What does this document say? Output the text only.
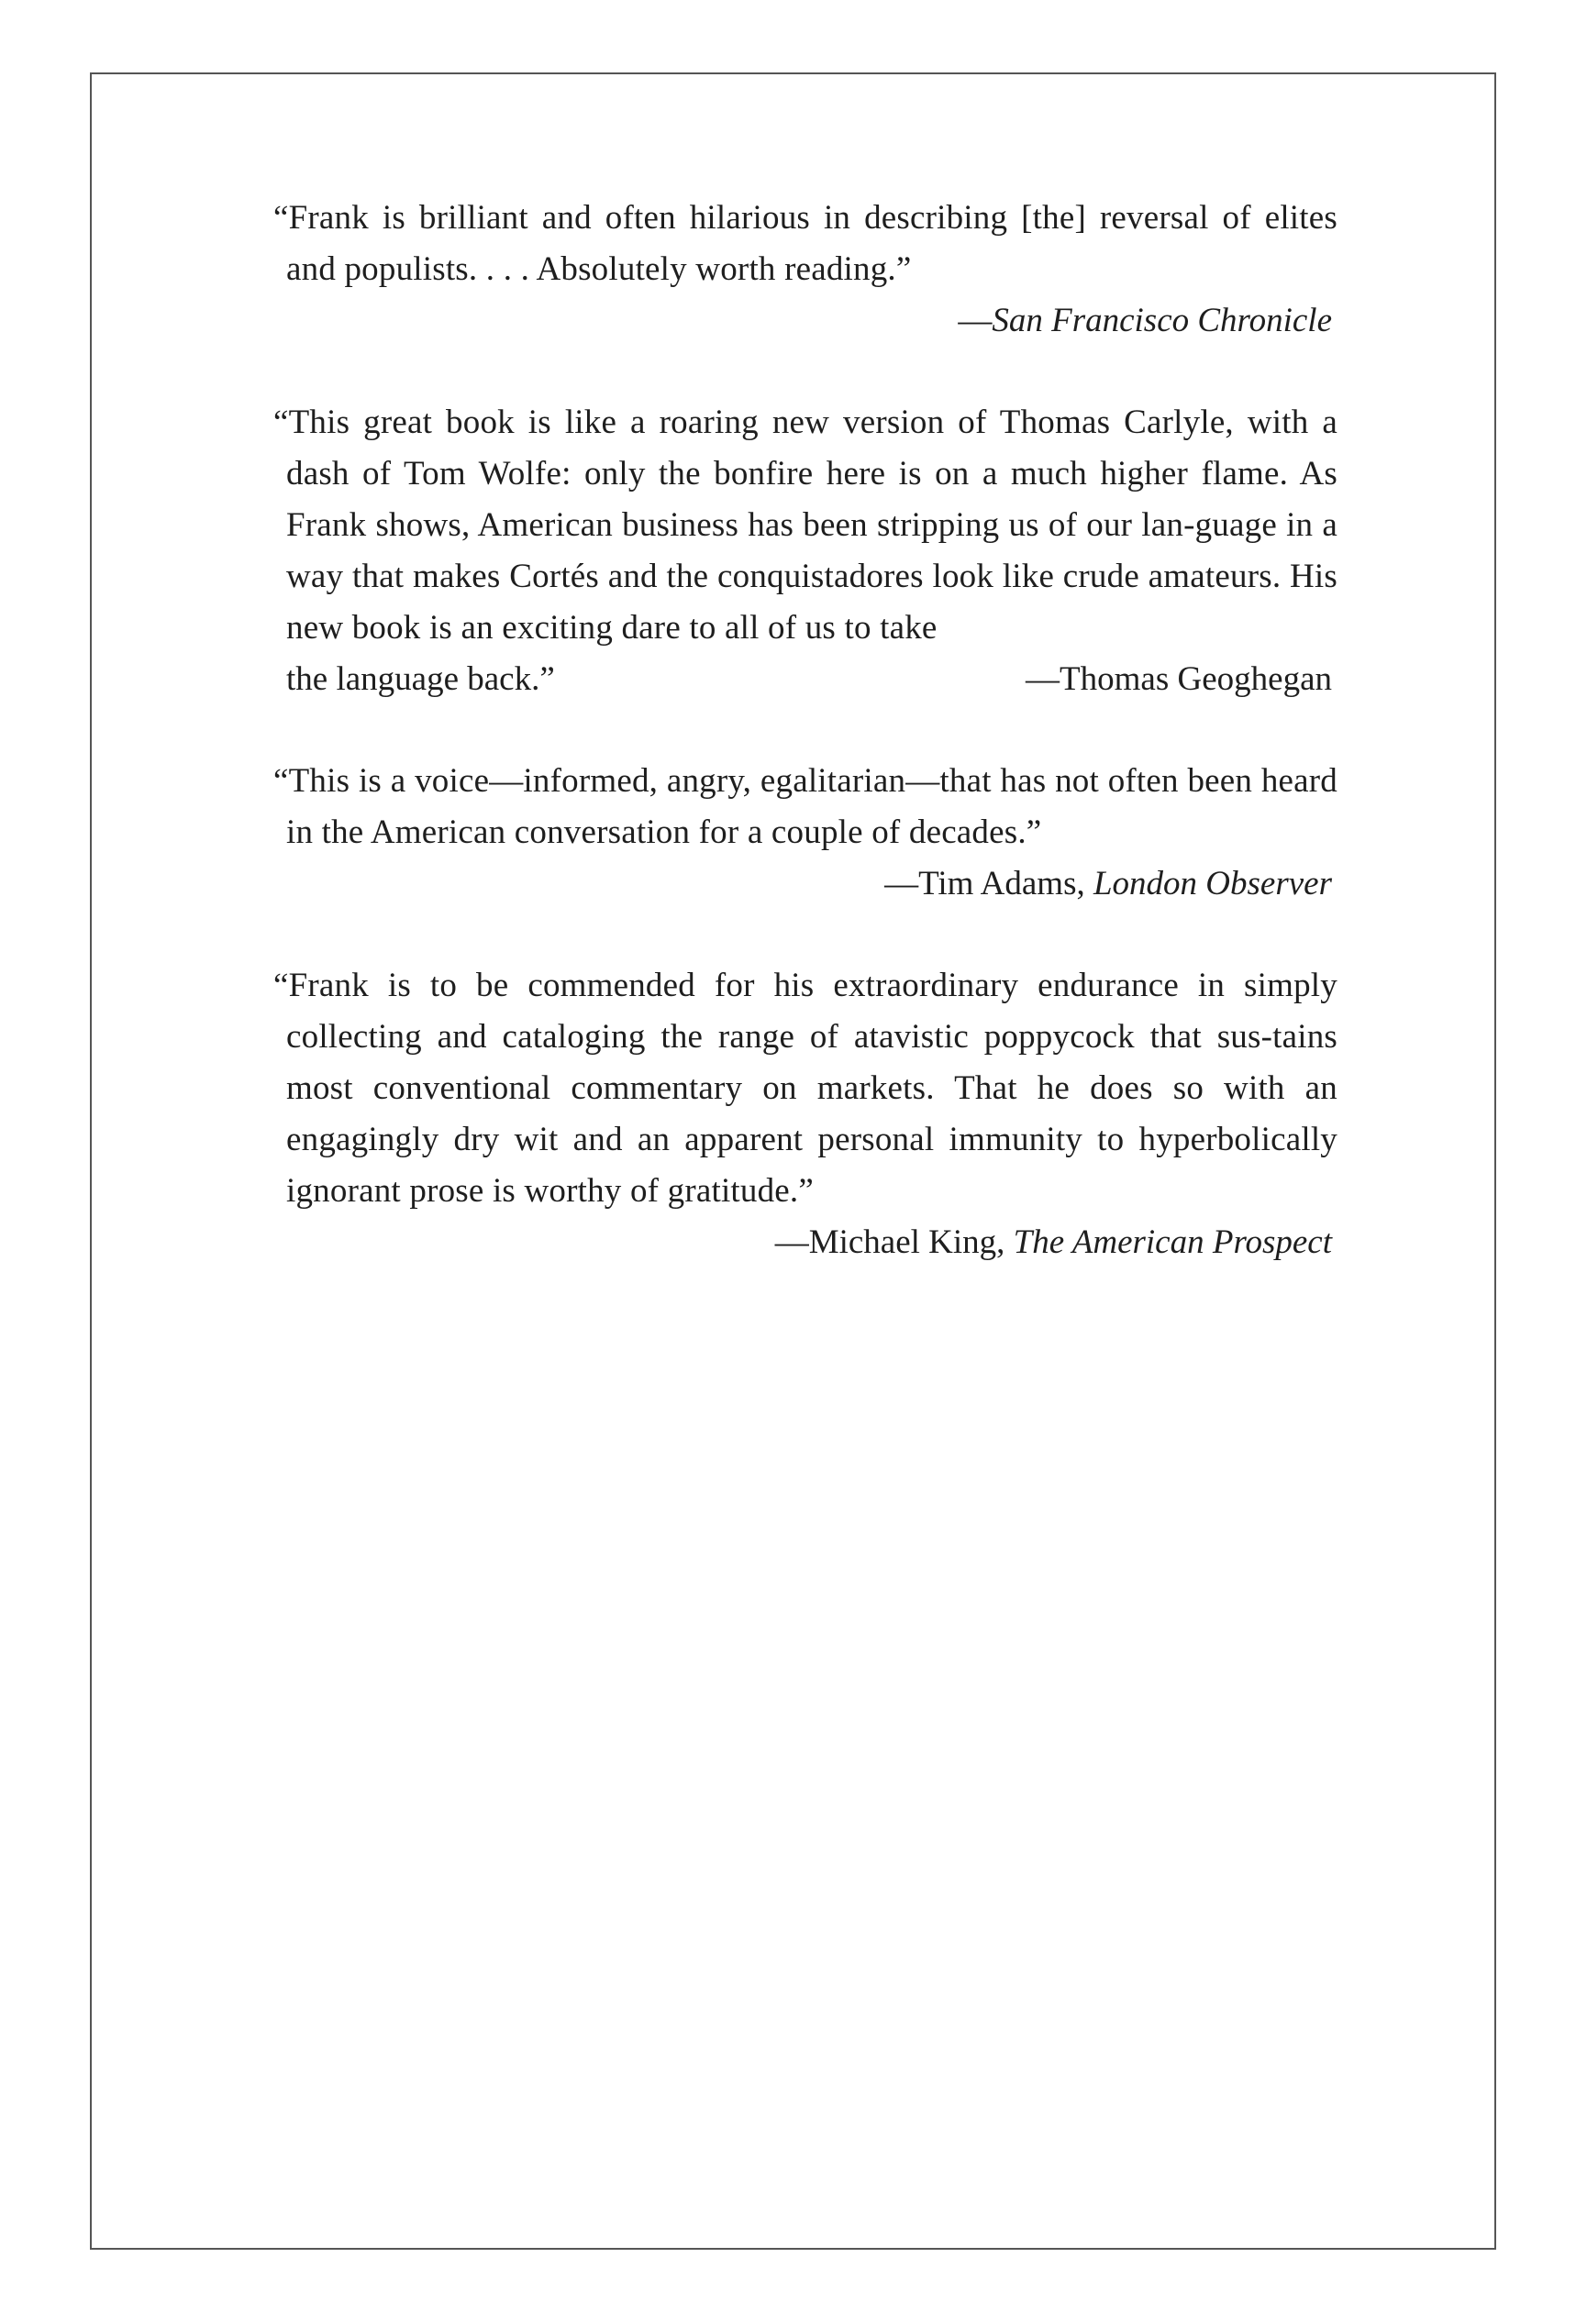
“Frank is brilliant and often hilarious in describing [the] reversal of elites and populists. . . . Absolutely worth reading.”

—San Francisco Chronicle

“This great book is like a roaring new version of Thomas Carlyle, with a dash of Tom Wolfe: only the bonfire here is on a much higher flame. As Frank shows, American business has been stripping us of our lan-guage in a way that makes Cortés and the conquistadores look like crude amateurs. His new book is an exciting dare to all of us to take

the language back.”	—Thomas Geoghegan

“This is a voice—informed, angry, egalitarian—that has not often been heard in the American conversation for a couple of decades.”

—Tim Adams, London Observer

“Frank is to be commended for his extraordinary endurance in simply collecting and cataloging the range of atavistic poppycock that sus-tains most conventional commentary on markets. That he does so with an engagingly dry wit and an apparent personal immunity to hyperbolically ignorant prose is worthy of gratitude.”

—Michael King, The American Prospect
